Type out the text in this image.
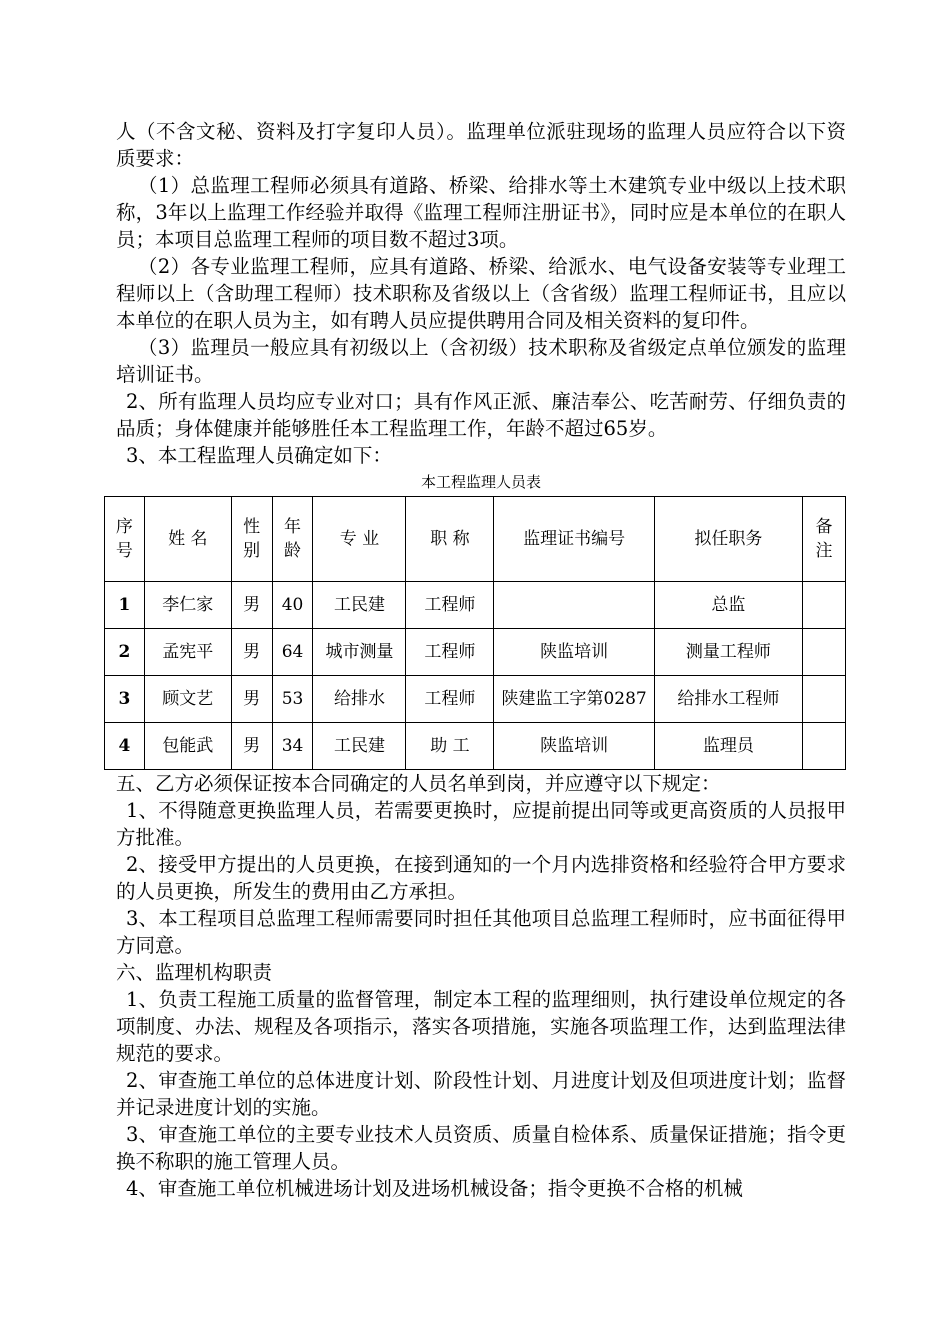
人（不含文秘、资料及打字复印人员）。监理单位派驻现场的监理人员应符合以下资质要求：

（1）总监理工程师必须具有道路、桥梁、给排水等土木建筑专业中级以上技术职称，3年以上监理工作经验并取得《监理工程师注册证书》，同时应是本单位的在职人员；本项目总监理工程师的项目数不超过3项。

（2）各专业监理工程师，应具有道路、桥梁、给派水、电气设备安装等专业理工程师以上（含助理工程师）技术职称及省级以上（含省级）监理工程师证书，且应以本单位的在职人员为主，如有聘人员应提供聘用合同及相关资料的复印件。

（3）监理员一般应具有初级以上（含初级）技术职称及省级定点单位颁发的监理培训证书。

2、所有监理人员均应专业对口；具有作风正派、廉洁奉公、吃苦耐劳、仔细负责的品质；身体健康并能够胜任本工程监理工作，年龄不超过65岁。

3、本工程监理人员确定如下：

本工程监理人员表
序号	姓 名	性别	年龄	专 业	职 称	监理证书编号	拟任职务	备注
1	李仁家	男	40	工民建	工程师		总监	
2	孟宪平	男	64	城市测量	工程师	陕监培训	测量工程师	
3	顾文艺	男	53	给排水	工程师	陕建监工字第0287	给排水工程师	
4	包能武	男	34	工民建	助 工	陕监培训	监理员	

五、乙方必须保证按本合同确定的人员名单到岗，并应遵守以下规定：

1、不得随意更换监理人员，若需要更换时，应提前提出同等或更高资质的人员报甲方批准。

2、接受甲方提出的人员更换，在接到通知的一个月内选排资格和经验符合甲方要求的人员更换，所发生的费用由乙方承担。

3、本工程项目总监理工程师需要同时担任其他项目总监理工程师时，应书面征得甲方同意。

六、监理机构职责

1、负责工程施工质量的监督管理，制定本工程的监理细则，执行建设单位规定的各项制度、办法、规程及各项指示，落实各项措施，实施各项监理工作，达到监理法律规范的要求。

2、审查施工单位的总体进度计划、阶段性计划、月进度计划及但项进度计划；监督并记录进度计划的实施。

3、审查施工单位的主要专业技术人员资质、质量自检体系、质量保证措施；指令更换不称职的施工管理人员。

4、审查施工单位机械进场计划及进场机械设备；指令更换不合格的机械
